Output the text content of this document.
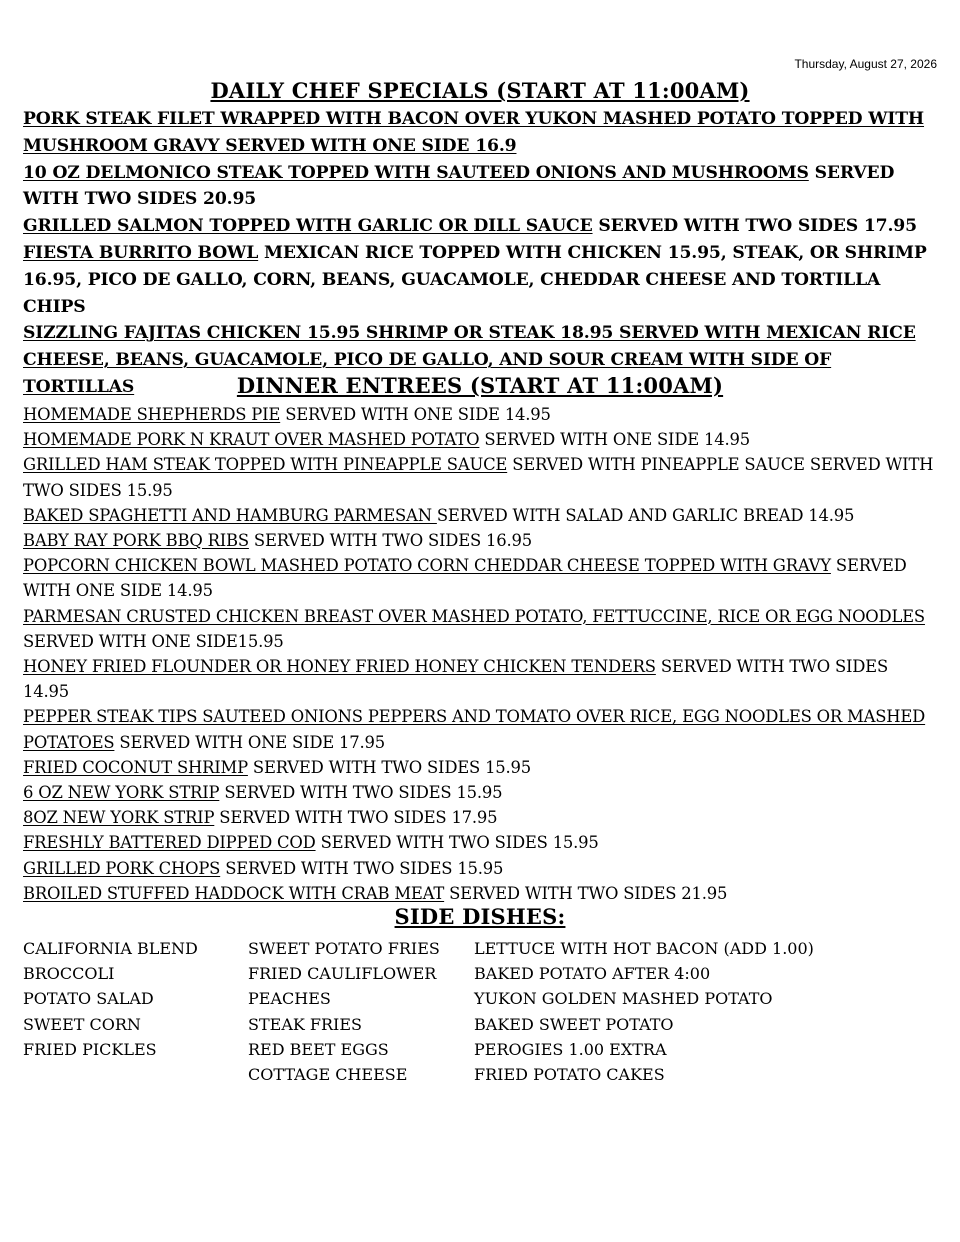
Thursday, August 27, 2026
DAILY CHEF SPECIALS (START AT 11:00AM)
PORK STEAK FILET WRAPPED WITH BACON OVER YUKON MASHED POTATO TOPPED WITH MUSHROOM GRAVY SERVED WITH ONE SIDE 16.9
10 OZ DELMONICO STEAK TOPPED WITH SAUTEED ONIONS AND MUSHROOMS SERVED WITH TWO SIDES 20.95
GRILLED SALMON TOPPED WITH GARLIC OR DILL SAUCE SERVED WITH TWO SIDES 17.95
FIESTA BURRITO BOWL MEXICAN RICE TOPPED WITH CHICKEN 15.95, STEAK, OR SHRIMP 16.95, PICO DE GALLO, CORN, BEANS, GUACAMOLE, CHEDDAR CHEESE AND TORTILLA CHIPS
SIZZLING FAJITAS CHICKEN 15.95 SHRIMP OR STEAK 18.95 SERVED WITH MEXICAN RICE CHEESE, BEANS, GUACAMOLE, PICO DE GALLO, AND SOUR CREAM WITH SIDE OF TORTILLAS	DINNER ENTREES (START AT 11:00AM)
HOMEMADE SHEPHERDS PIE SERVED WITH ONE SIDE 14.95
HOMEMADE PORK N KRAUT OVER MASHED POTATO SERVED WITH ONE SIDE 14.95
GRILLED HAM STEAK TOPPED WITH PINEAPPLE SAUCE SERVED WITH PINEAPPLE SAUCE SERVED WITH TWO SIDES 15.95
BAKED SPAGHETTI AND HAMBURG PARMESAN SERVED WITH SALAD AND GARLIC BREAD 14.95
BABY RAY PORK BBQ RIBS SERVED WITH TWO SIDES 16.95
POPCORN CHICKEN BOWL MASHED POTATO CORN CHEDDAR CHEESE TOPPED WITH GRAVY SERVED WITH ONE SIDE 14.95
PARMESAN CRUSTED CHICKEN BREAST OVER MASHED POTATO, FETTUCCINE, RICE OR EGG NOODLES SERVED WITH ONE SIDE15.95
HONEY FRIED FLOUNDER OR HONEY FRIED HONEY CHICKEN TENDERS SERVED WITH TWO SIDES 14.95
PEPPER STEAK TIPS SAUTEED ONIONS PEPPERS AND TOMATO OVER RICE, EGG NOODLES OR MASHED POTATOES SERVED WITH ONE SIDE 17.95
FRIED COCONUT SHRIMP SERVED WITH TWO SIDES 15.95
6 OZ NEW YORK STRIP SERVED WITH TWO SIDES 15.95
8OZ NEW YORK STRIP SERVED WITH TWO SIDES 17.95
FRESHLY BATTERED DIPPED COD SERVED WITH TWO SIDES 15.95
GRILLED PORK CHOPS SERVED WITH TWO SIDES 15.95
BROILED STUFFED HADDOCK WITH CRAB MEAT SERVED WITH TWO SIDES 21.95
SIDE DISHES:
CALIFORNIA BLEND
BROCCOLI
POTATO SALAD
SWEET CORN
FRIED PICKLES
SWEET POTATO FRIES
FRIED CAULIFLOWER
PEACHES
STEAK FRIES
RED BEET EGGS
COTTAGE CHEESE
LETTUCE WITH HOT BACON (ADD 1.00)
BAKED POTATO AFTER 4:00
YUKON GOLDEN MASHED POTATO
BAKED SWEET POTATO
PEROGIES 1.00 EXTRA
FRIED POTATO CAKES
